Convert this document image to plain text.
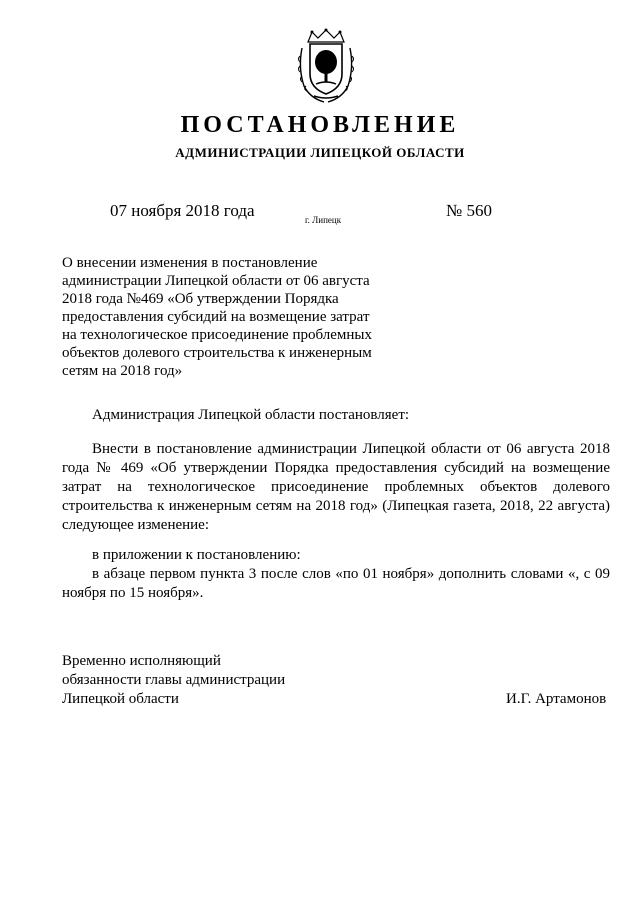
ПОСТАНОВЛЕНИЕ
АДМИНИСТРАЦИИ ЛИПЕЦКОЙ ОБЛАСТИ
07 ноября 2018 года	г. Липецк	№ 560
О внесении изменения в постановление
администрации Липецкой области от 06 августа
2018 года №469 «Об утверждении Порядка
предоставления субсидий на возмещение затрат
на технологическое присоединение проблемных
объектов долевого строительства к инженерным
сетям на 2018 год»
Администрация Липецкой области постановляет:
Внести в постановление администрации Липецкой области от 06 августа 2018
года № 469 «Об утверждении Порядка предоставления субсидий на возмещение
затрат на технологическое присоединение проблемных объектов долевого
строительства к инженерным сетям на 2018 год» (Липецкая газета, 2018, 22 августа)
следующее изменение:
в приложении к постановлению:
в абзаце первом пункта 3 после слов «по 01 ноября» дополнить словами «, с 09
ноября по 15 ноября».
Временно исполняющий
обязанности главы администрации
Липецкой области	И.Г. Артамонов
